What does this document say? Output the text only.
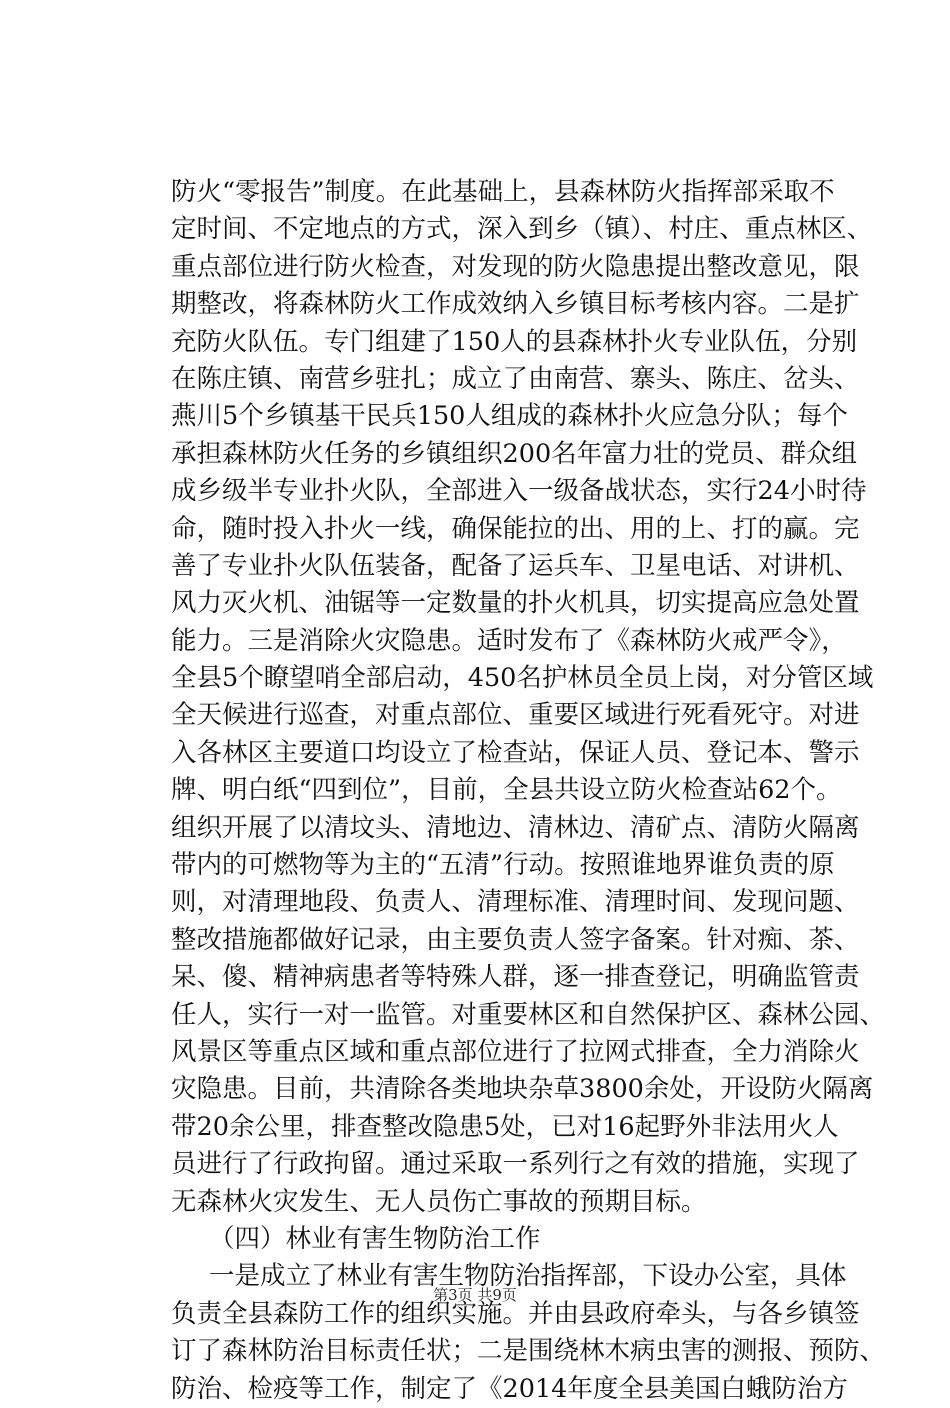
防火“零报告”制度。在此基础上，县森林防火指挥部采取不
定时间、不定地点的方式，深入到乡（镇）、村庄、重点林区、
重点部位进行防火检查，对发现的防火隐患提出整改意见，限
期整改，将森林防火工作成效纳入乡镇目标考核内容。二是扩
充防火队伍。专门组建了150人的县森林扑火专业队伍，分别
在陈庄镇、南营乡驻扎；成立了由南营、寨头、陈庄、岔头、
燕川5个乡镇基干民兵150人组成的森林扑火应急分队；每个
承担森林防火任务的乡镇组织200名年富力壮的党员、群众组
成乡级半专业扑火队，全部进入一级备战状态，实行24小时待
命，随时投入扑火一线，确保能拉的出、用的上、打的赢。完
善了专业扑火队伍装备，配备了运兵车、卫星电话、对讲机、
风力灭火机、油锯等一定数量的扑火机具，切实提高应急处置
能力。三是消除火灾隐患。适时发布了《森林防火戒严令》，
全县5个瞭望哨全部启动，450名护林员全员上岗，对分管区域
全天候进行巡查，对重点部位、重要区域进行死看死守。对进
入各林区主要道口均设立了检查站，保证人员、登记本、警示
牌、明白纸“四到位”，目前，全县共设立防火检查站62个。
组织开展了以清坟头、清地边、清林边、清矿点、清防火隔离
带内的可燃物等为主的“五清”行动。按照谁地界谁负责的原
则，对清理地段、负责人、清理标准、清理时间、发现问题、
整改措施都做好记录，由主要负责人签字备案。针对痴、茶、
呆、傻、精神病患者等特殊人群，逐一排查登记，明确监管责
任人，实行一对一监管。对重要林区和自然保护区、森林公园、
风景区等重点区域和重点部位进行了拉网式排查，全力消除火
灾隐患。目前，共清除各类地块杂草3800余处，开设防火隔离
带20余公里，排查整改隐患5处，已对16起野外非法用火人
员进行了行政拘留。通过采取一系列行之有效的措施，实现了
无森林火灾发生、无人员伤亡事故的预期目标。
（四）林业有害生物防治工作
一是成立了林业有害生物防治指挥部，下设办公室，具体
负责全县森防工作的组织实施。并由县政府牵头，与各乡镇签
订了森林防治目标责任状；二是围绕林木病虫害的测报、预防、
防治、检疫等工作，制定了《2014年度全县美国白蛾防治方
第3页 共9页
